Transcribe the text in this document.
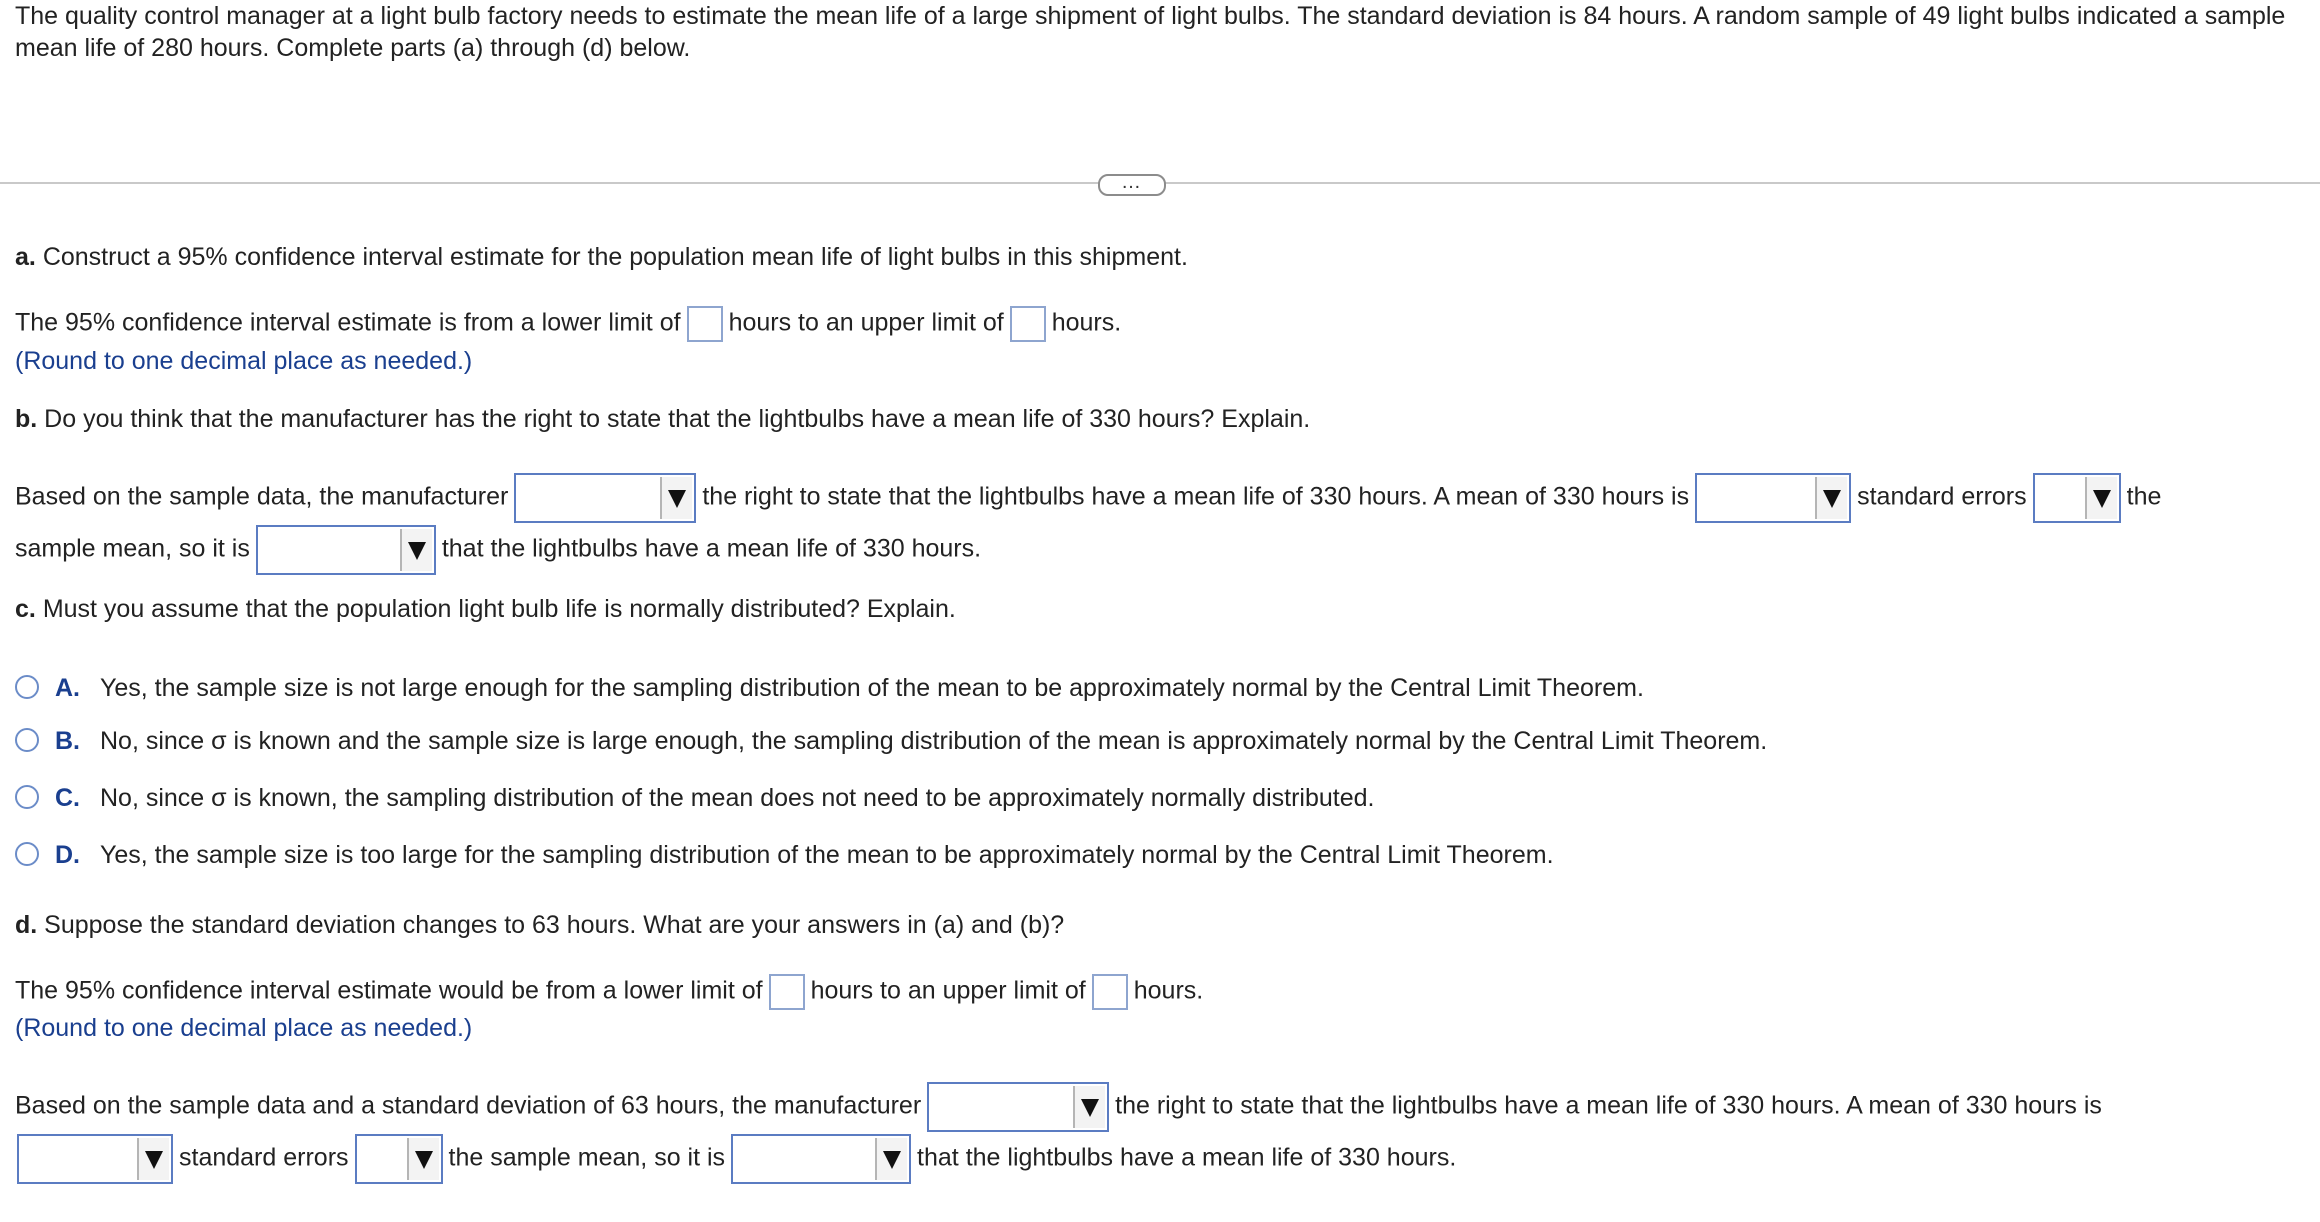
The quality control manager at a light bulb factory needs to estimate the mean life of a large shipment of light bulbs. The standard deviation is 84 hours. A random sample of 49 light bulbs indicated a sample mean life of 280 hours. Complete parts (a) through (d) below.
…
a. Construct a 95% confidence interval estimate for the population mean life of light bulbs in this shipment.
The 95% confidence interval estimate is from a lower limit of hours to an upper limit of hours.
(Round to one decimal place as needed.)
b. Do you think that the manufacturer has the right to state that the lightbulbs have a mean life of 330 hours? Explain.
Based on the sample data, the manufacturer	the right to state that the lightbulbs have a mean life of 330 hours. A mean of 330 hours is	standard errors	the
sample mean, so it is	that the lightbulbs have a mean life of 330 hours.
c. Must you assume that the population light bulb life is normally distributed? Explain.
A. Yes, the sample size is not large enough for the sampling distribution of the mean to be approximately normal by the Central Limit Theorem.
B. No, since σ is known and the sample size is large enough, the sampling distribution of the mean is approximately normal by the Central Limit Theorem.
C. No, since σ is known, the sampling distribution of the mean does not need to be approximately normally distributed.
D. Yes, the sample size is too large for the sampling distribution of the mean to be approximately normal by the Central Limit Theorem.
d. Suppose the standard deviation changes to 63 hours. What are your answers in (a) and (b)?
The 95% confidence interval estimate would be from a lower limit of hours to an upper limit of hours.
(Round to one decimal place as needed.)
Based on the sample data and a standard deviation of 63 hours, the manufacturer	the right to state that the lightbulbs have a mean life of 330 hours. A mean of 330 hours is
standard errors	the sample mean, so it is	that the lightbulbs have a mean life of 330 hours.
